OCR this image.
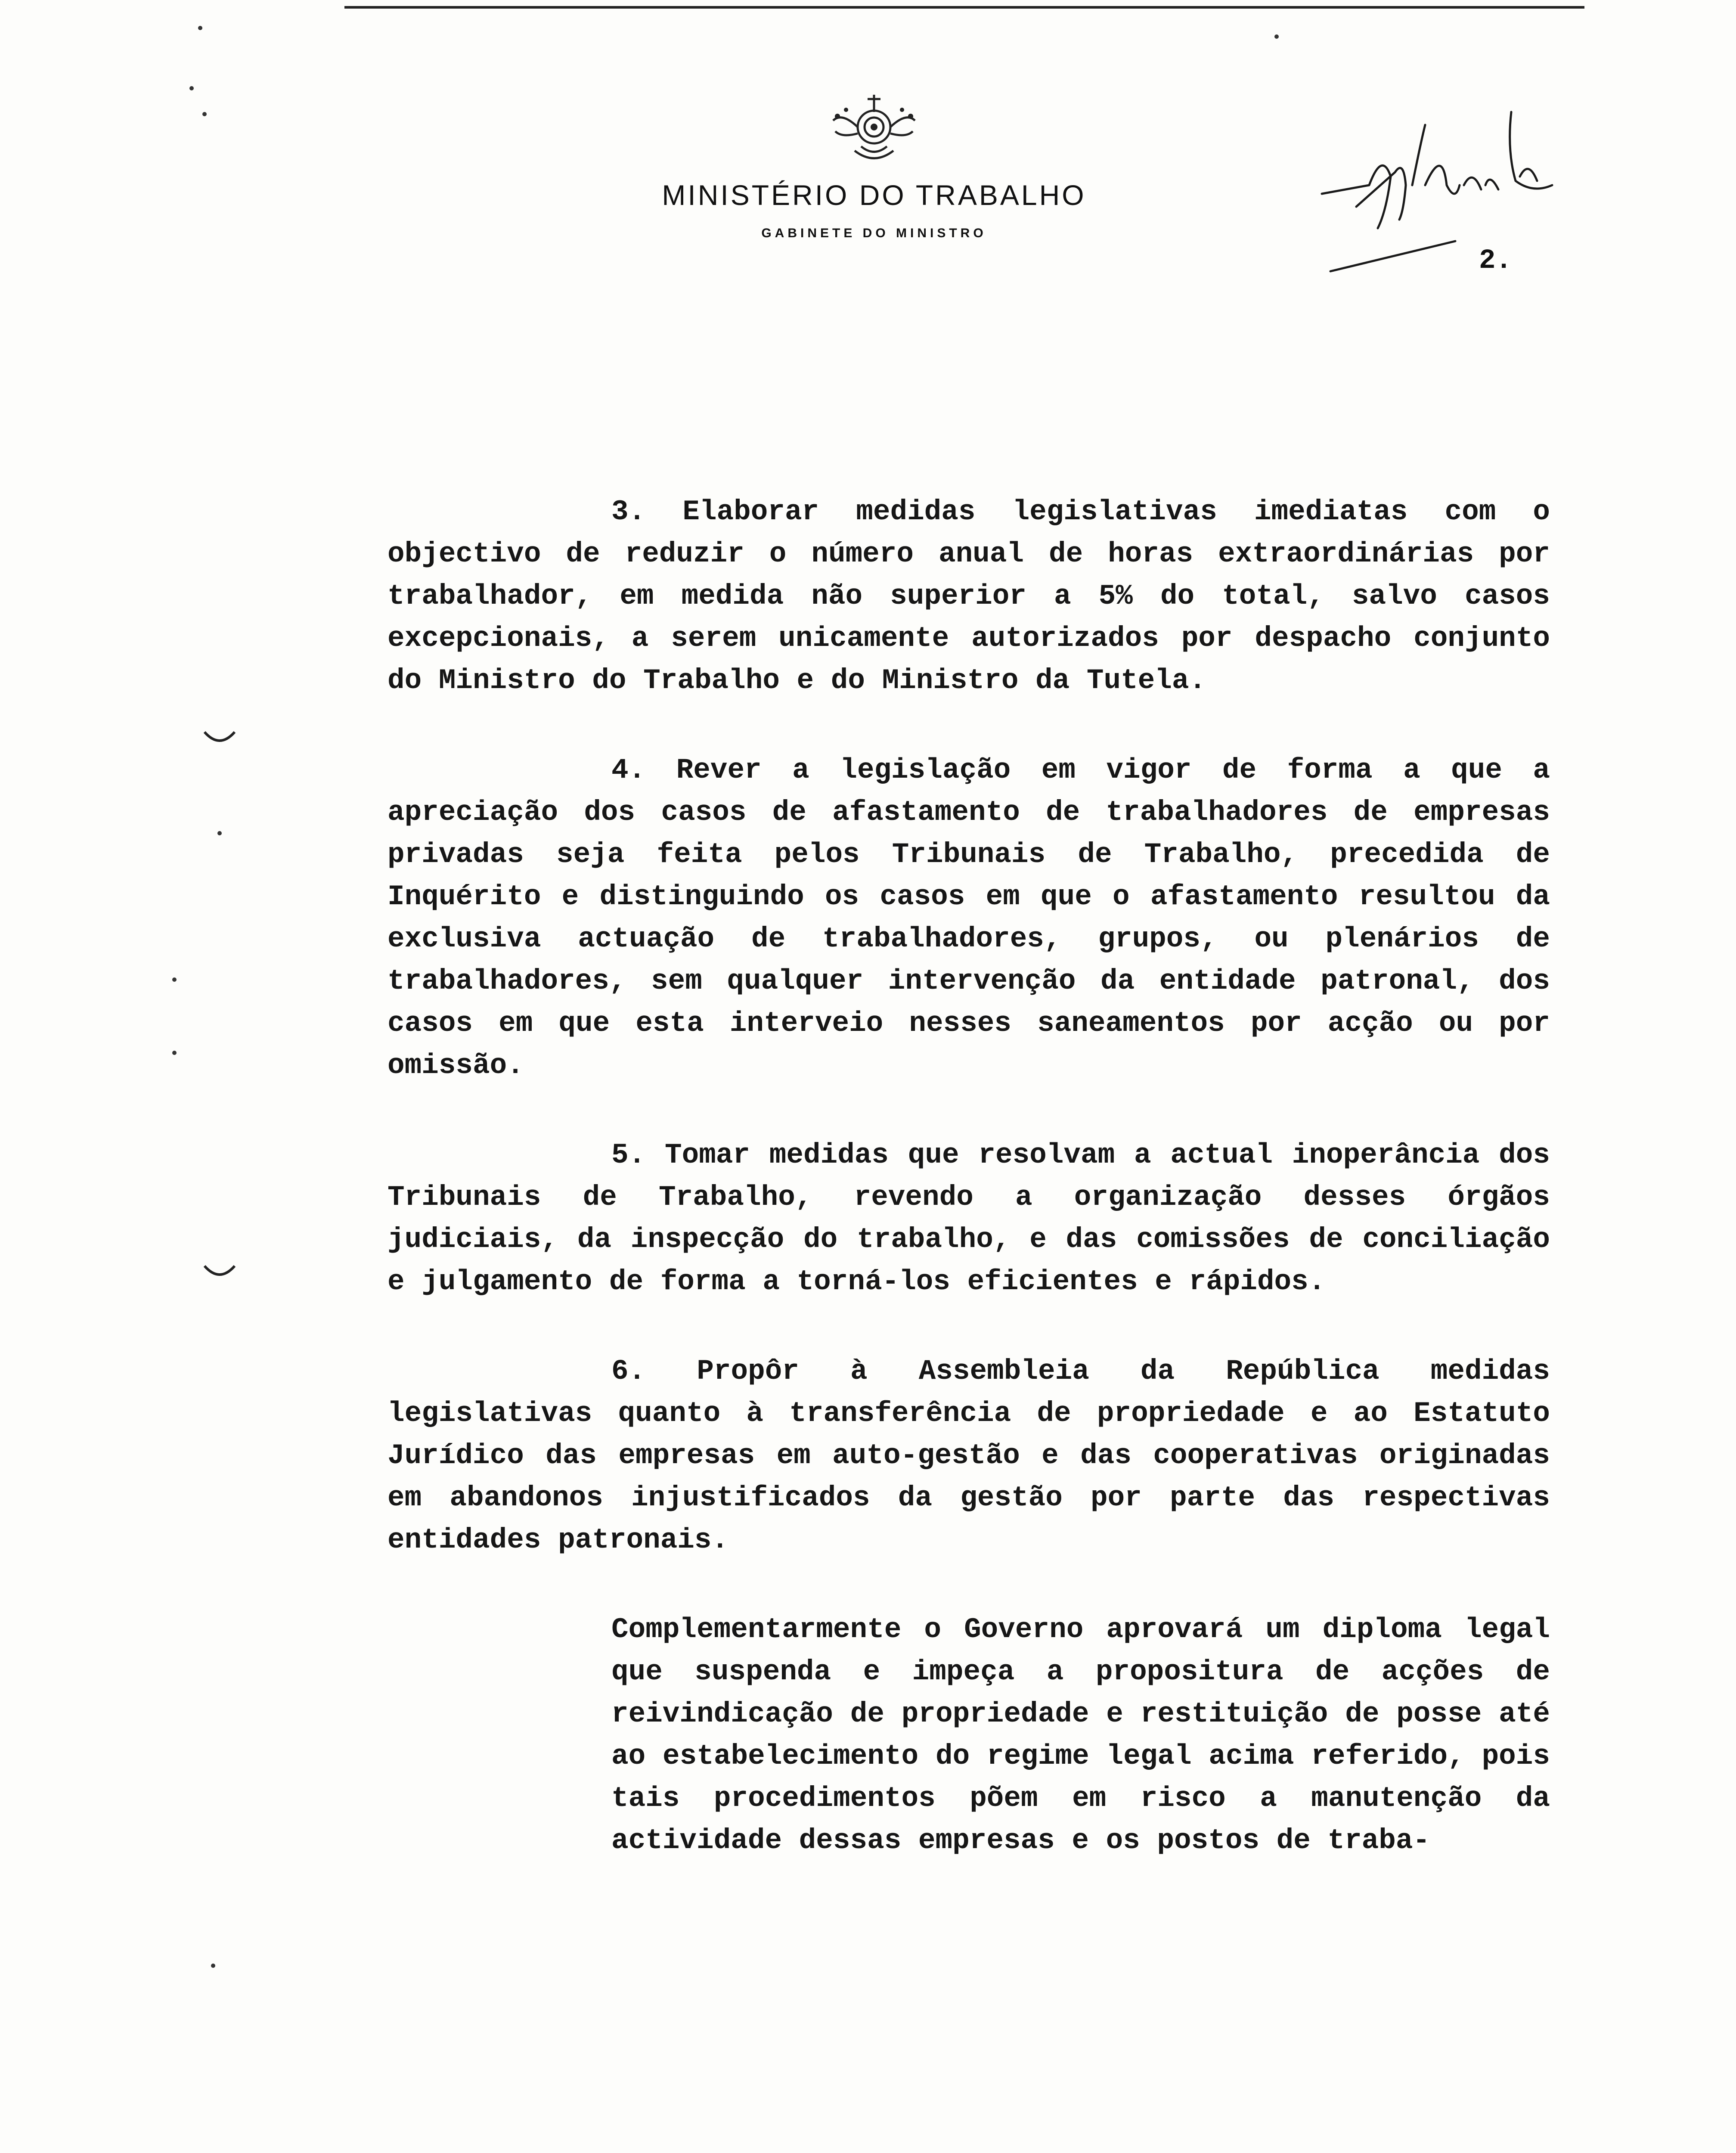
MINISTÉRIO DO TRABALHO
GABINETE DO MINISTRO
2.

3. Elaborar medidas legislativas imediatas com o objectivo de reduzir o número anual de horas extraordinárias por trabalhador, em medida não superior a 5% do total, salvo casos excepcionais, a serem unicamente autorizados por despacho conjunto do Ministro do Trabalho e do Ministro da Tutela.

4. Rever a legislação em vigor de forma a que a apreciação dos casos de afastamento de trabalhadores de empresas privadas seja feita pelos Tribunais de Trabalho, precedida de Inquérito e distinguindo os casos em que o afastamento resultou da exclusiva actuação de trabalhadores, grupos, ou plenários de trabalhadores, sem qualquer intervenção da entidade patronal, dos casos em que esta interveio nesses saneamentos por acção ou por omissão.

5. Tomar medidas que resolvam a actual inoperância dos Tribunais de Trabalho, revendo a organização desses órgãos judiciais, da inspecção do trabalho, e das comissões de conciliação e julgamento de forma a torná-los eficientes e rápidos.

6. Propôr à Assembleia da República medidas legislativas quanto à transferência de propriedade e ao Estatuto Jurídico das empresas em auto-gestão e das cooperativas originadas em abandonos injustificados da gestão por parte das respectivas entidades patronais.

Complementarmente o Governo aprovará um diploma legal que suspenda e impeça a propositura de acções de reivindicação de propriedade e restituição de posse até ao estabelecimento do regime legal acima referido, pois tais procedimentos põem em risco a manutenção da actividade dessas empresas e os postos de traba-
